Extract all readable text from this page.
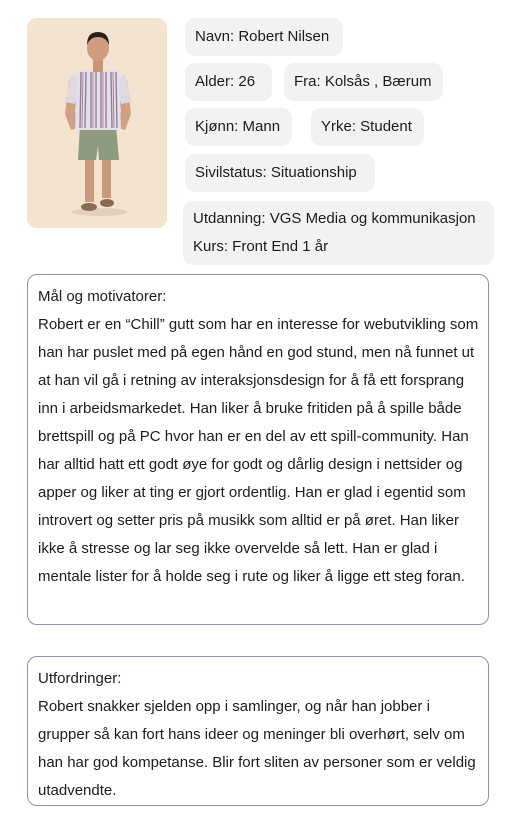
Navn: Robert Nilsen
Alder: 26	Fra: Kolsås , Bærum
Kjønn: Mann	Yrke: Student
Sivilstatus: Situationship
Utdanning: VGS Media og kommunikasjon
Kurs: Front End 1 år
Mål og motivatorer:
Robert er en “Chill” gutt som har en interesse for webutvikling som han har puslet med på egen hånd en god stund, men nå funnet ut at han vil gå i retning av interaksjonsdesign for å få ett forsprang inn i arbeidsmarkedet. Han liker å bruke fritiden på å spille både brettspill og på PC hvor han er en del av ett spill-community. Han har alltid hatt ett godt øye for godt og dårlig design i nettsider og apper og liker at ting er gjort ordentlig. Han er glad i egentid som introvert og setter pris på musikk som alltid er på øret. Han liker ikke å stresse og lar seg ikke overvelde så lett. Han er glad i mentale lister for å holde seg i rute og liker å ligge ett steg foran.
Utfordringer:
Robert snakker sjelden opp i samlinger, og når han jobber i grupper så kan fort hans ideer og meninger bli overhørt, selv om han har god kompetanse. Blir fort sliten av personer som er veldig utadvendte.
